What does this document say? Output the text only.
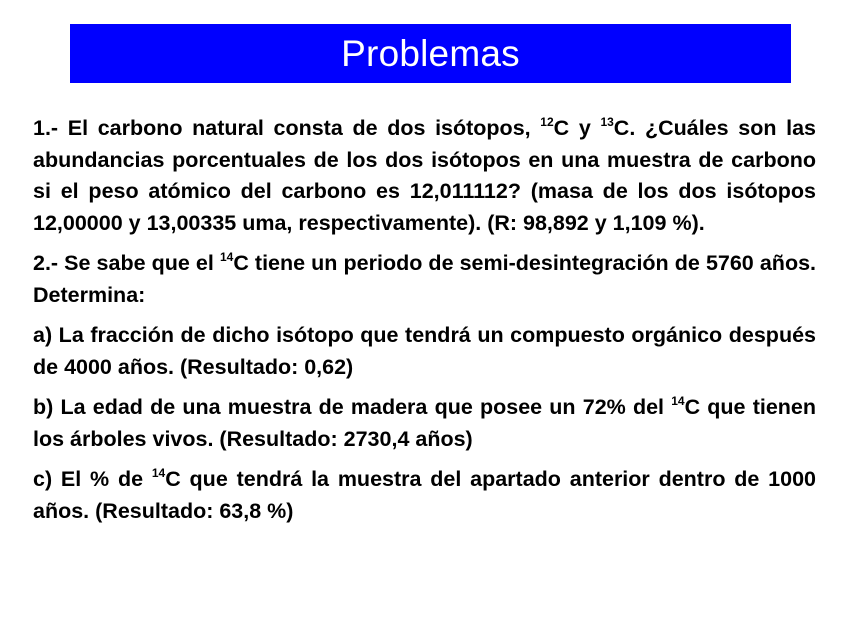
Problemas

1.- El carbono natural consta de dos isótopos, $^{12}$C y $^{13}$C. ¿Cuáles son las abundancias porcentuales de los dos isótopos en una muestra de carbono si el peso atómico del carbono es 12,011112? (masa de los dos isótopos 12,00000 y 13,00335 uma, respectivamente). (R: 98,892 y 1,109 %).

2.- Se sabe que el $^{14}$C tiene un periodo de semi-desintegración de 5760 años. Determina:

a) La fracción de dicho isótopo que tendrá un compuesto orgánico después de 4000 años. (Resultado: 0,62)

b) La edad de una muestra de madera que posee un 72% del $^{14}$C que tienen los árboles vivos. (Resultado: 2730,4 años)

c) El % de $^{14}$C que tendrá la muestra del apartado anterior dentro de 1000 años. (Resultado: 63,8 %)
